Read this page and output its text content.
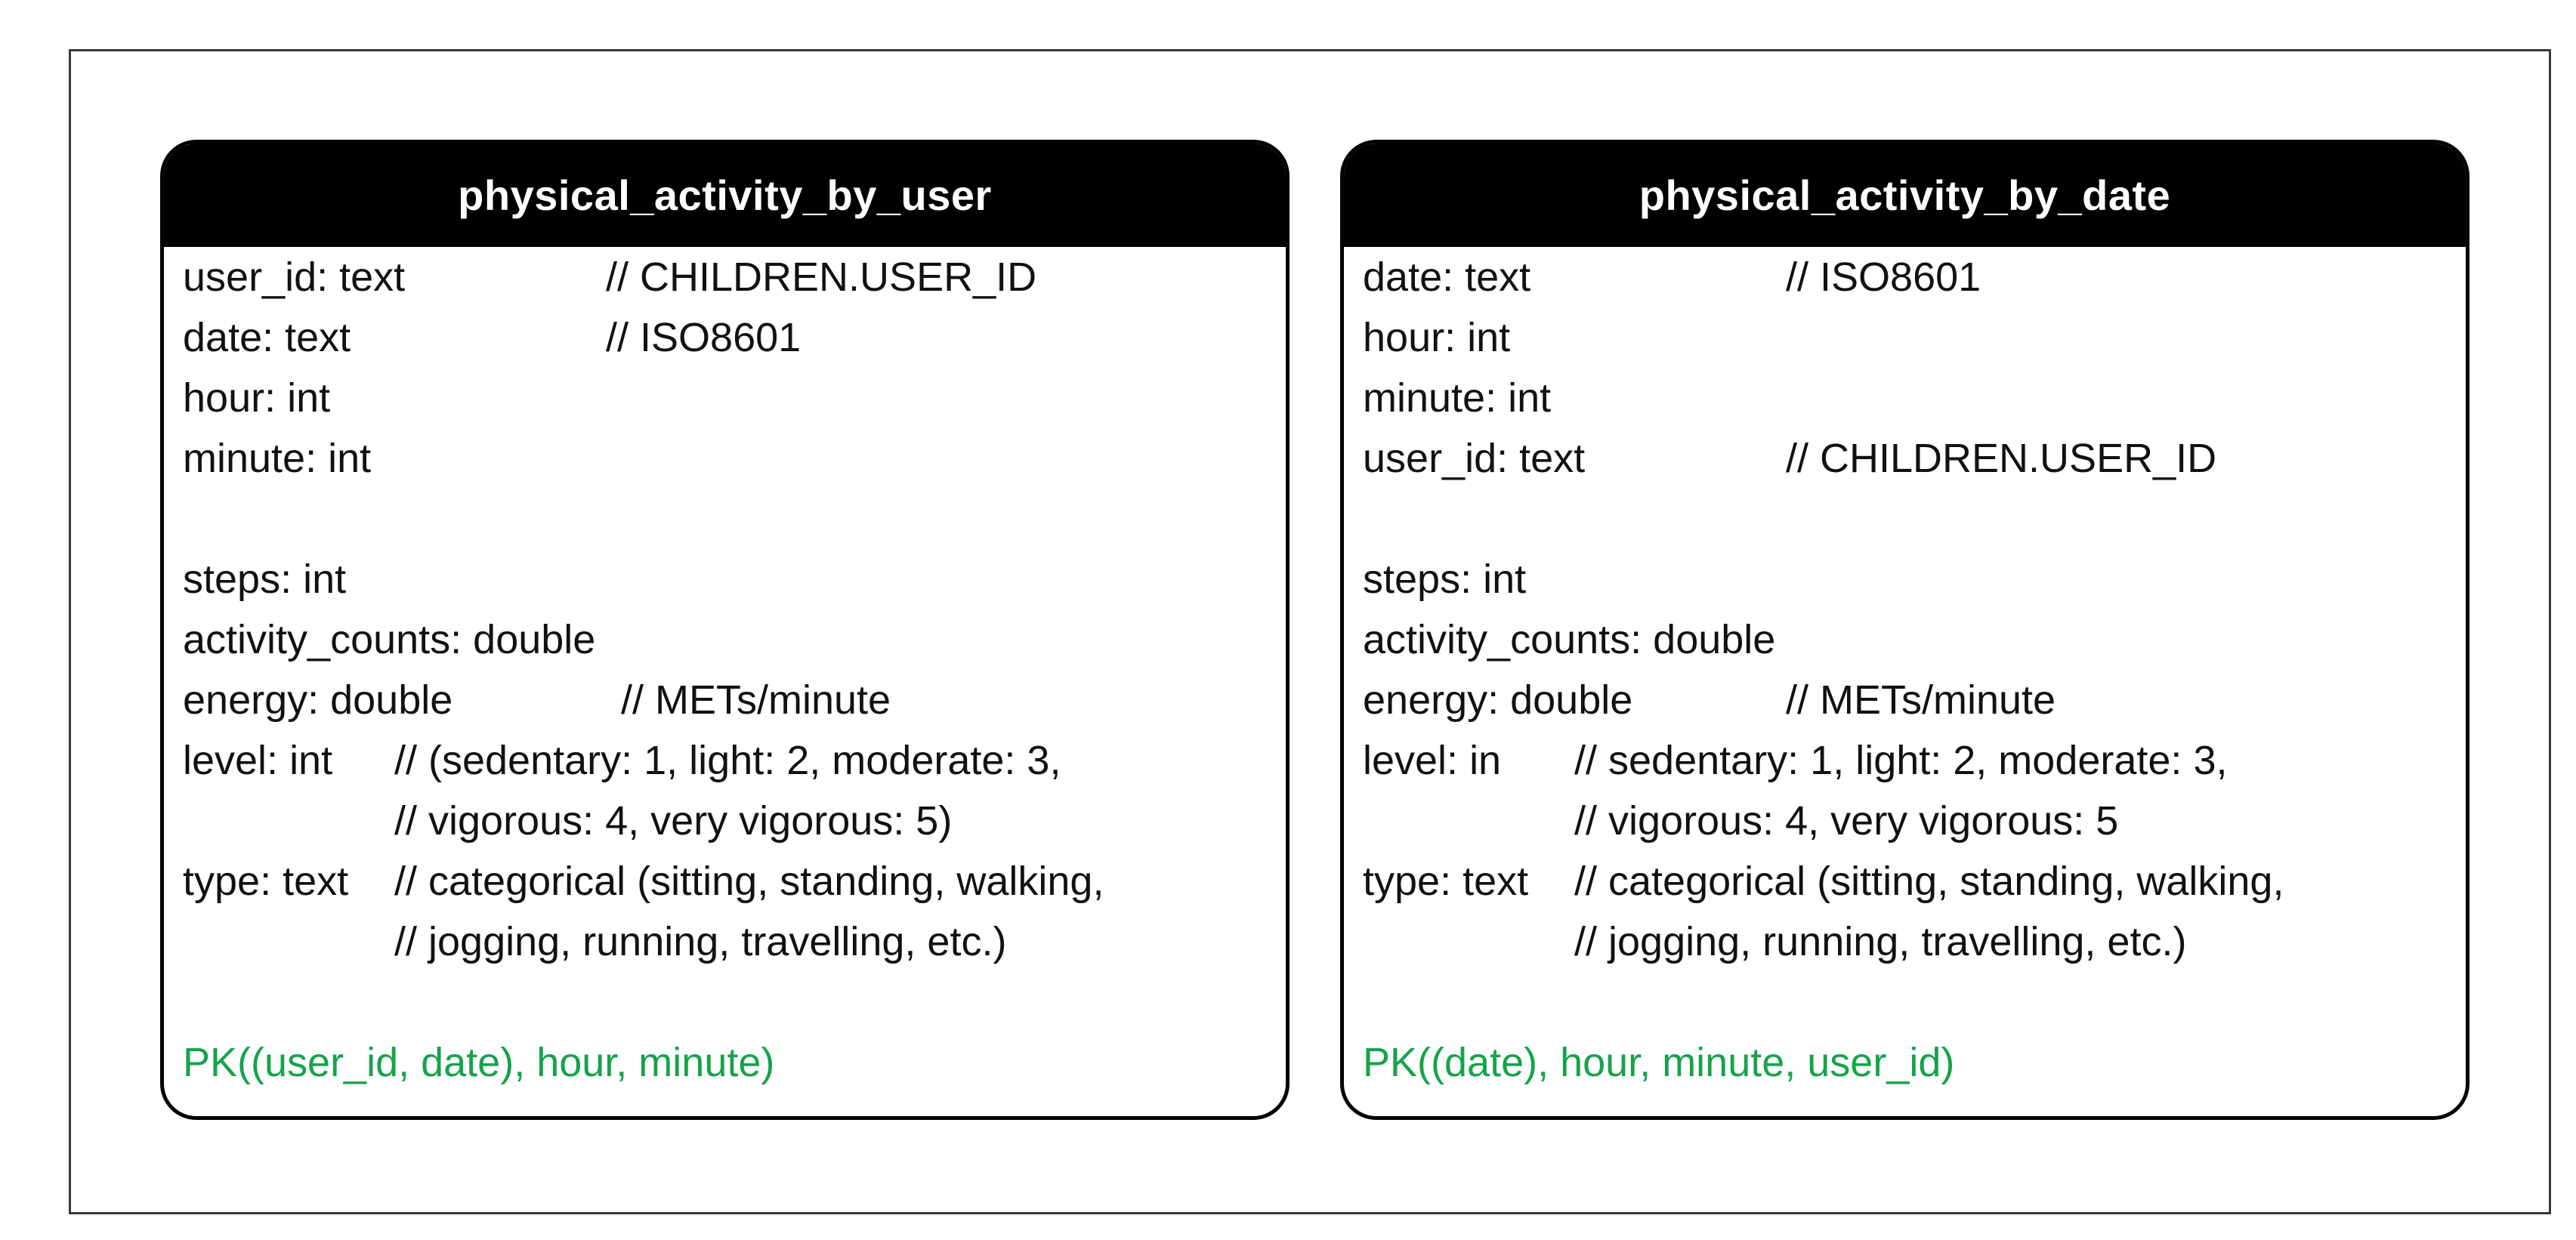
physical_activity_by_user
user_id: text	// CHILDREN.USER_ID
date: text	// ISO8601
hour: int
minute: int
steps: int
activity_counts: double
energy: double	// METs/minute
level: int // (sedentary: 1, light: 2, moderate: 3,
// vigorous: 4, very vigorous: 5)
type: text // categorical (sitting, standing, walking,
// jogging, running, travelling, etc.)
PK((user_id, date), hour, minute)
physical_activity_by_date
date: text	// ISO8601
hour: int
minute: int
user_id: text	// CHILDREN.USER_ID
steps: int
activity_counts: double
energy: double	// METs/minute
level: in // sedentary: 1, light: 2, moderate: 3,
// vigorous: 4, very vigorous: 5
type: text // categorical (sitting, standing, walking,
// jogging, running, travelling, etc.)
PK((date), hour, minute, user_id)
